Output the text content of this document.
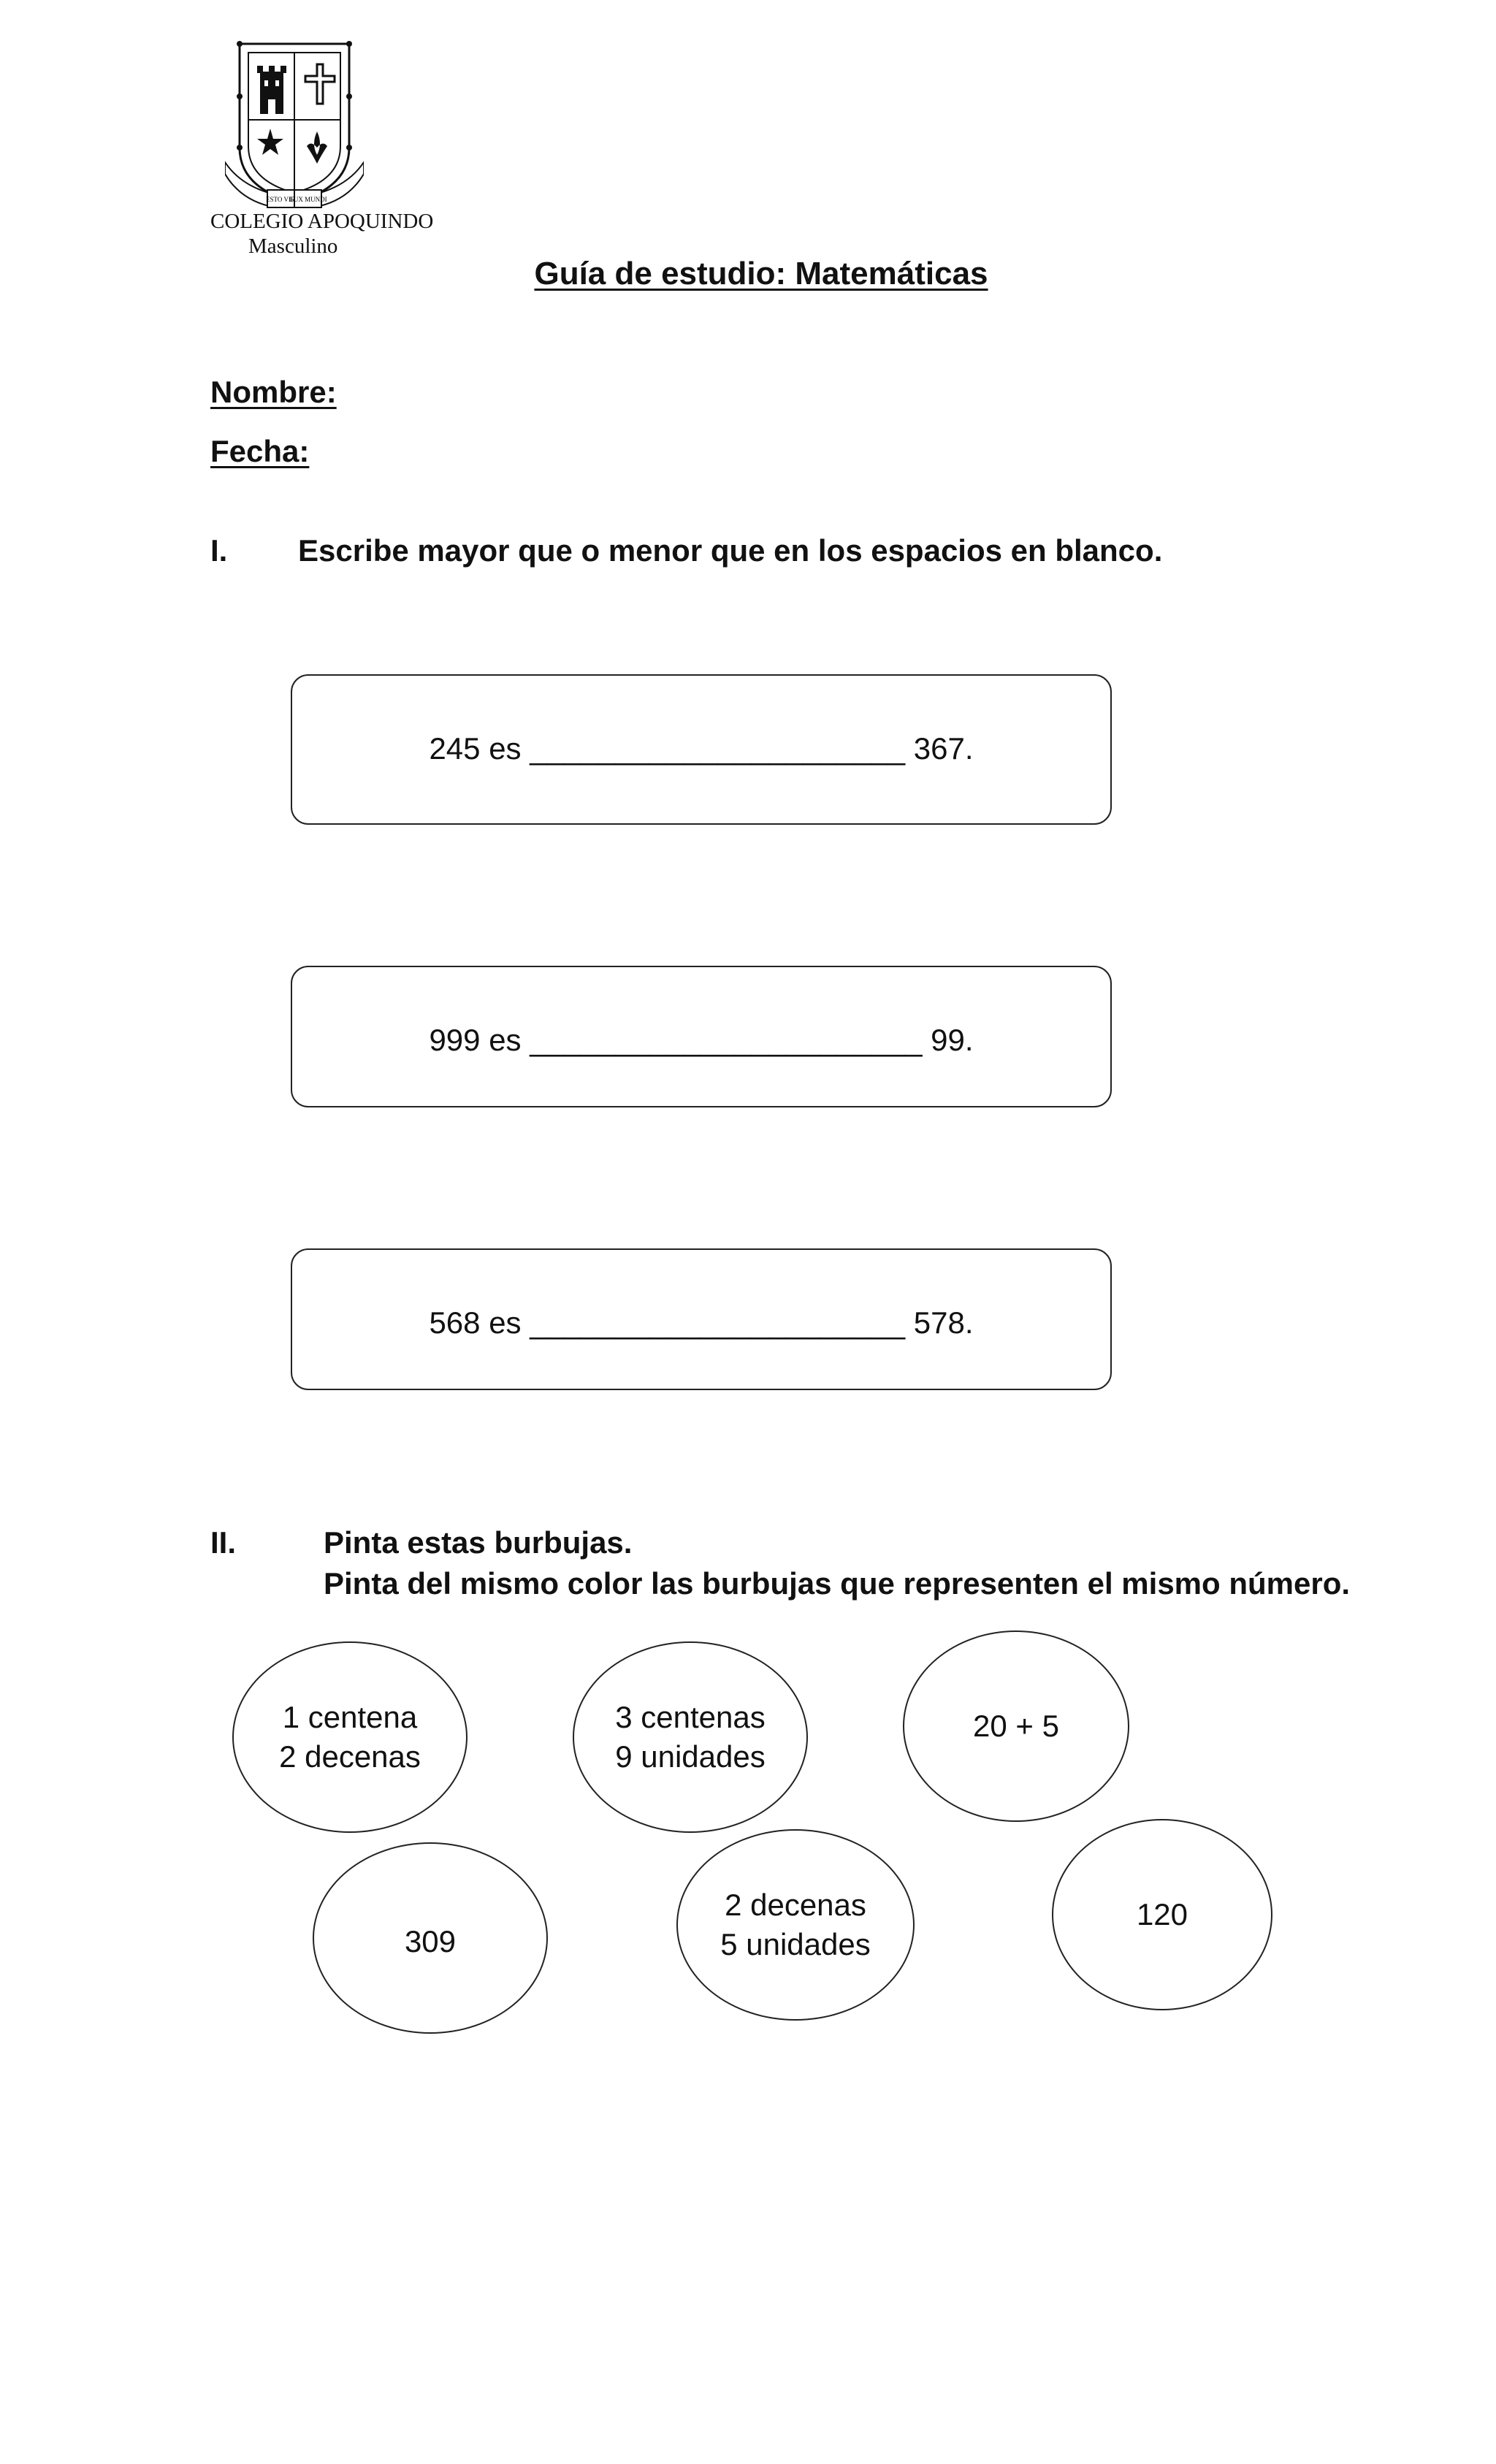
ESTO VIR
LUX MUNDI
COLEGIO APOQUINDO
Masculino
Guía de estudio: Matemáticas
Nombre:
Fecha:
I. Escribe mayor que o menor que en los espacios en blanco.
245 es ______________________ 367.
999 es _______________________ 99.
568 es ______________________ 578.
II.	Pinta estas burbujas.
Pinta del mismo color las burbujas que representen el mismo número.
1 centena
2 decenas
3 centenas
9 unidades
20 + 5
309
2 decenas
5 unidades
120
